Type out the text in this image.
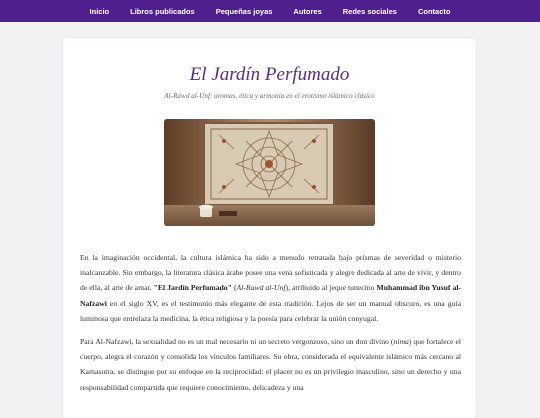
Inicio	Libros publicados	Pequeñas joyas	Autores	Redes sociales	Contacto
El Jardín Perfumado

Al-Rawd al-Unf: aromas, ética y armonía en el erotismo islámico clásico

En la imaginación occidental, la cultura islámica ha sido a menudo retratada bajo prismas de severidad o misterio inalcanzable. Sin embargo, la literatura clásica árabe posee una vena sofisticada y alegre dedicada al arte de vivir, y dentro de ella, al arte de amar. "El Jardín Perfumado" (Al-Rawd al-Unf), atribuido al jeque tunecino Muhammad ibn Yusuf al-Nafzawi en el siglo XV, es el testimonio más elegante de esta tradición. Lejos de ser un manual obscuro, es una guía luminosa que entrelaza la medicina, la ética religiosa y la poesía para celebrar la unión conyugal.

Para Al-Nafzawi, la sexualidad no es un mal necesario ni un secreto vergonzoso, sino un don divino (nima) que fortalece el cuerpo, alegra el corazón y consolida los vínculos familiares. Su obra, considerada el equivalente islámico más cercano al Kamasutra, se distingue por su enfoque en la reciprocidad: el placer no es un privilegio masculino, sino un derecho y una responsabilidad compartida que requiere conocimiento, delicadeza y una
